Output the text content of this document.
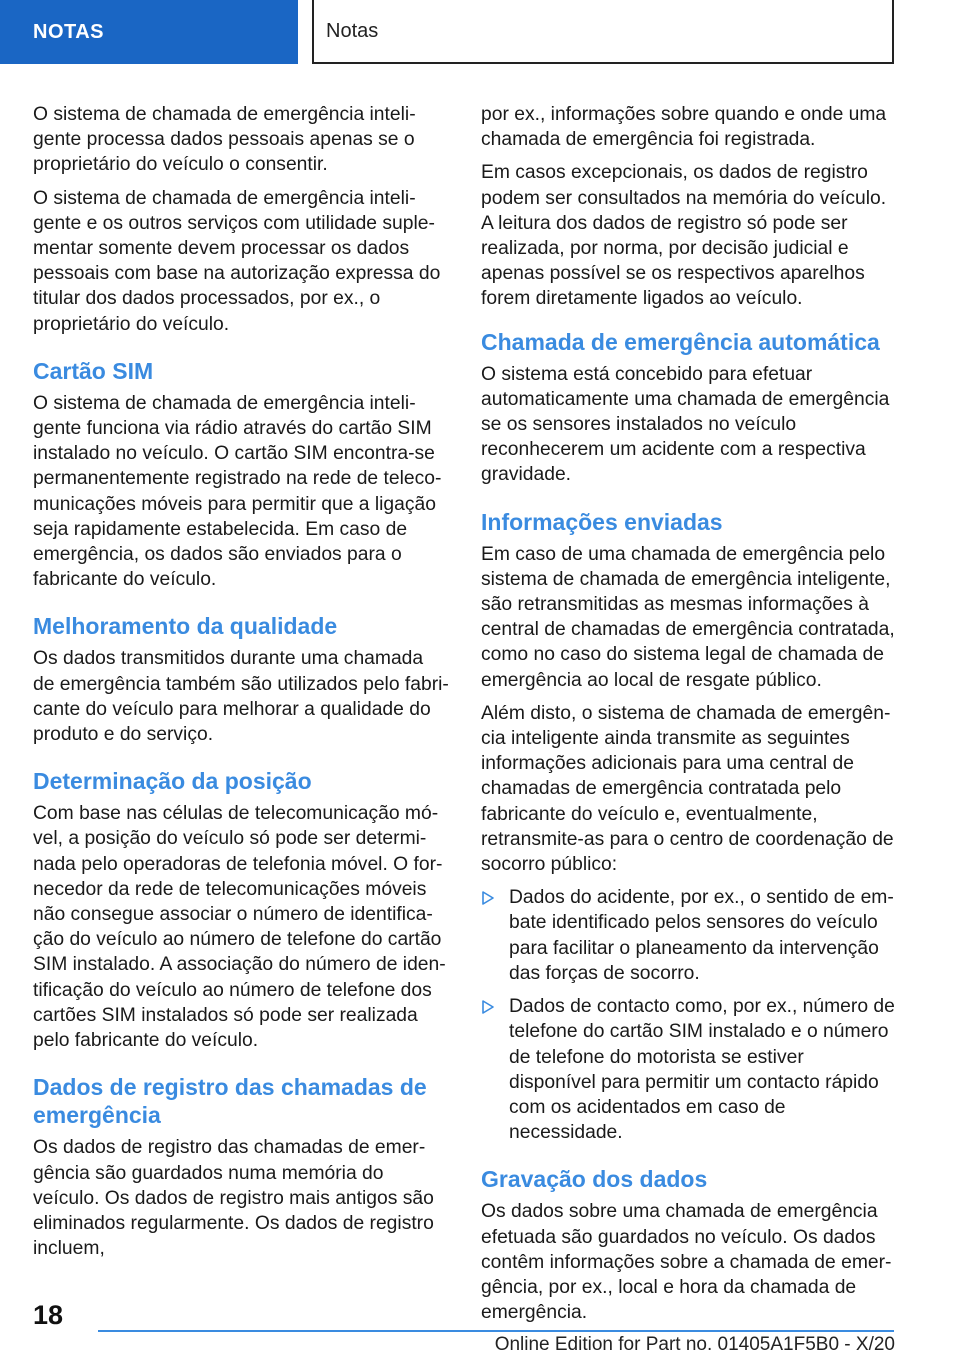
NOTAS	Notas

O sistema de chamada de emergência inteligente processa dados pessoais apenas se o proprietário do veículo o consentir.

O sistema de chamada de emergência inteligente e os outros serviços com utilidade suplementar somente devem processar os dados pessoais com base na autorização expressa do titular dos dados processados, por ex., o proprietário do veículo.

Cartão SIM

O sistema de chamada de emergência inteligente funciona via rádio através do cartão SIM instalado no veículo. O cartão SIM encontra-se permanentemente registrado na rede de telecomunicações móveis para permitir que a ligação seja rapidamente estabelecida. Em caso de emergência, os dados são enviados para o fabricante do veículo.

Melhoramento da qualidade

Os dados transmitidos durante uma chamada de emergência também são utilizados pelo fabricante do veículo para melhorar a qualidade do produto e do serviço.

Determinação da posição

Com base nas células de telecomunicação móvel, a posição do veículo só pode ser determinada pelo operadoras de telefonia móvel. O fornecedor da rede de telecomunicações móveis não consegue associar o número de identificação do veículo ao número de telefone do cartão SIM instalado. A associação do número de identificação do veículo ao número de telefone dos cartões SIM instalados só pode ser realizada pelo fabricante do veículo.

Dados de registro das chamadas de emergência

Os dados de registro das chamadas de emergência são guardados numa memória do veículo. Os dados de registro mais antigos são eliminados regularmente. Os dados de registro incluem,

por ex., informações sobre quando e onde uma chamada de emergência foi registrada.

Em casos excepcionais, os dados de registro podem ser consultados na memória do veículo. A leitura dos dados de registro só pode ser realizada, por norma, por decisão judicial e apenas possível se os respectivos aparelhos forem diretamente ligados ao veículo.

Chamada de emergência automática

O sistema está concebido para efetuar automaticamente uma chamada de emergência se os sensores instalados no veículo reconhecerem um acidente com a respectiva gravidade.

Informações enviadas

Em caso de uma chamada de emergência pelo sistema de chamada de emergência inteligente, são retransmitidas as mesmas informações à central de chamadas de emergência contratada, como no caso do sistema legal de chamada de emergência ao local de resgate público.

Além disto, o sistema de chamada de emergência inteligente ainda transmite as seguintes informações adicionais para uma central de chamadas de emergência contratada pelo fabricante do veículo e, eventualmente, retransmite-as para o centro de coordenação de socorro público:

Dados do acidente, por ex., o sentido de embate identificado pelos sensores do veículo para facilitar o planeamento da intervenção das forças de socorro.
Dados de contacto como, por ex., número de telefone do cartão SIM instalado e o número de telefone do motorista se estiver disponível para permitir um contacto rápido com os acidentados em caso de necessidade.
Gravação dos dados

Os dados sobre uma chamada de emergência efetuada são guardados no veículo. Os dados contêm informações sobre a chamada de emergência, por ex., local e hora da chamada de emergência.

18
Online Edition for Part no. 01405A1F5B0 - X/20
